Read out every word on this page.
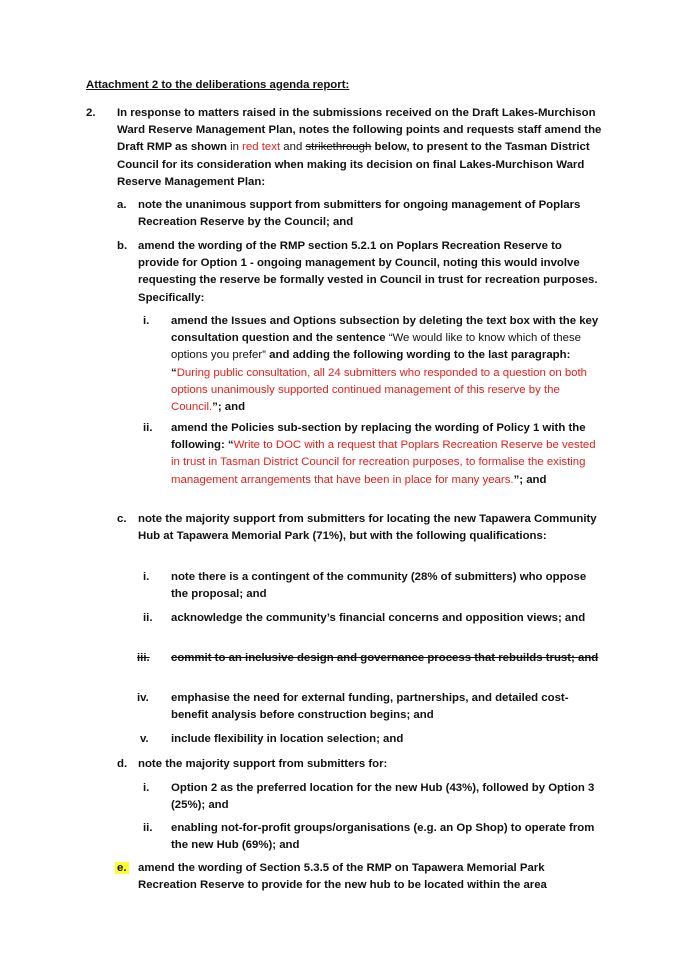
Attachment 2 to the deliberations agenda report:
2. In response to matters raised in the submissions received on the Draft Lakes-Murchison Ward Reserve Management Plan, notes the following points and requests staff amend the Draft RMP as shown in red text and strikethrough below, to present to the Tasman District Council for its consideration when making its decision on final Lakes-Murchison Ward Reserve Management Plan:
a. note the unanimous support from submitters for ongoing management of Poplars Recreation Reserve by the Council; and
b. amend the wording of the RMP section 5.2.1 on Poplars Recreation Reserve to provide for Option 1 - ongoing management by Council, noting this would involve requesting the reserve be formally vested in Council in trust for recreation purposes. Specifically:
i. amend the Issues and Options subsection by deleting the text box with the key consultation question and the sentence “We would like to know which of these options you prefer” and adding the following wording to the last paragraph: “During public consultation, all 24 submitters who responded to a question on both options unanimously supported continued management of this reserve by the Council.”; and
ii. amend the Policies sub-section by replacing the wording of Policy 1 with the following: “Write to DOC with a request that Poplars Recreation Reserve be vested in trust in Tasman District Council for recreation purposes, to formalise the existing management arrangements that have been in place for many years.”; and
c. note the majority support from submitters for locating the new Tapawera Community Hub at Tapawera Memorial Park (71%), but with the following qualifications:
i. note there is a contingent of the community (28% of submitters) who oppose the proposal; and
ii. acknowledge the community’s financial concerns and opposition views; and
iii. commit to an inclusive design and governance process that rebuilds trust; and
iv. emphasise the need for external funding, partnerships, and detailed cost-benefit analysis before construction begins; and
v. include flexibility in location selection; and
d. note the majority support from submitters for:
i. Option 2 as the preferred location for the new Hub (43%), followed by Option 3 (25%); and
ii. enabling not-for-profit groups/organisations (e.g. an Op Shop) to operate from the new Hub (69%); and
e. amend the wording of Section 5.3.5 of the RMP on Tapawera Memorial Park Recreation Reserve to provide for the new hub to be located within the area
